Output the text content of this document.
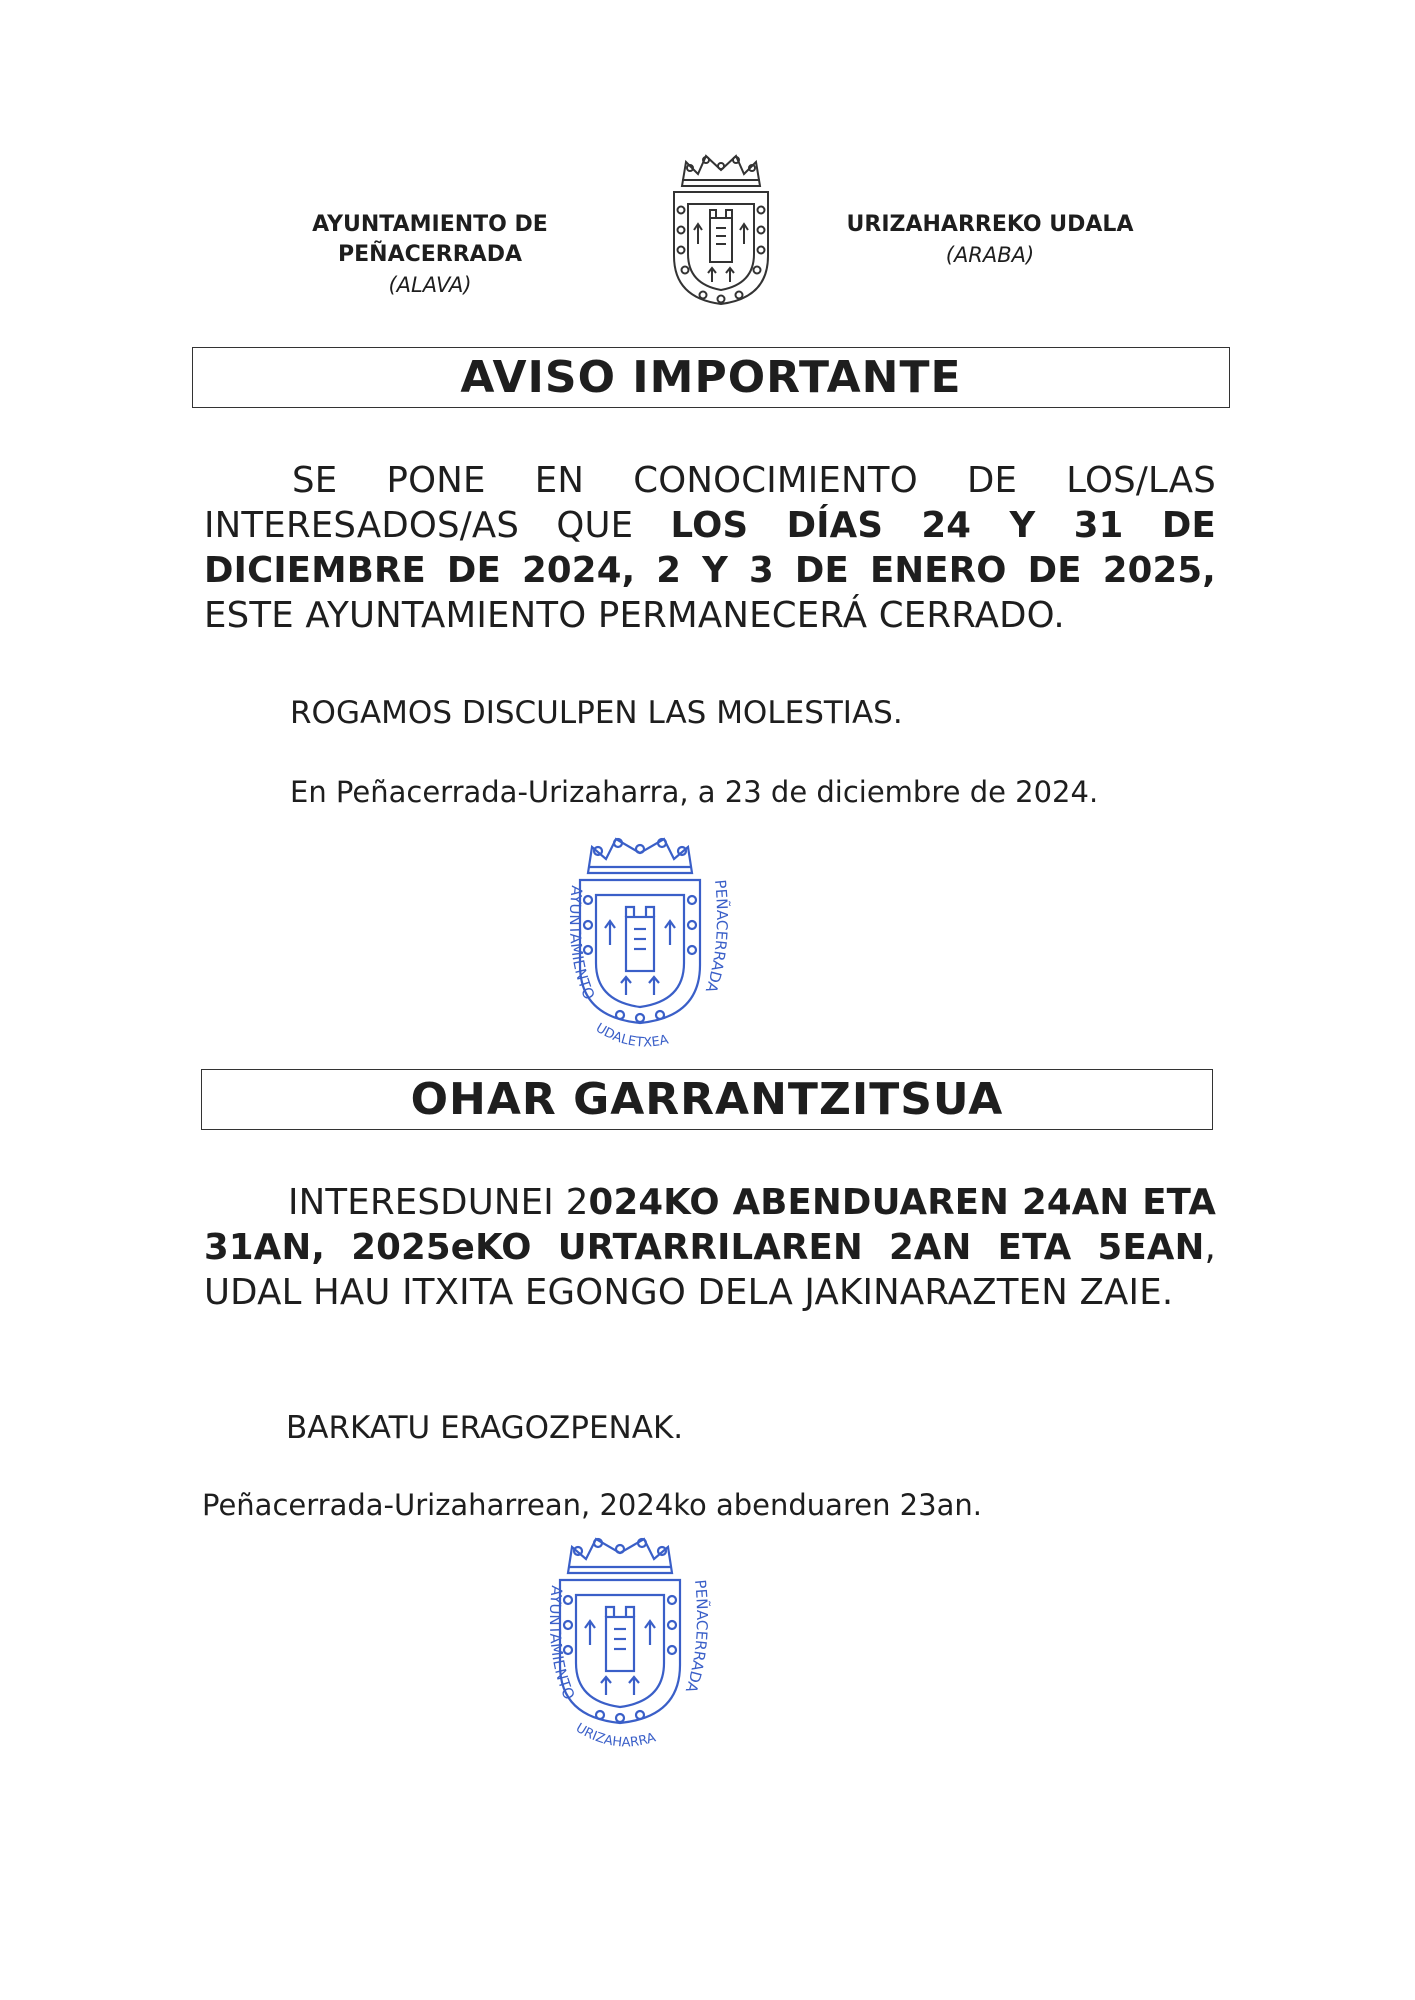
AYUNTAMIENTO DE PEÑACERRADA
(ALAVA)
URIZAHARREKO UDALA
(ARABA)
AVISO IMPORTANTE
SE PONE EN CONOCIMIENTO DE LOS/LAS INTERESADOS/AS QUE LOS DÍAS 24 Y 31 DE DICIEMBRE DE 2024, 2 Y 3 DE ENERO DE 2025, ESTE AYUNTAMIENTO PERMANECERÁ CERRADO.
ROGAMOS DISCULPEN LAS MOLESTIAS.
En Peñacerrada-Urizaharra, a 23 de diciembre de 2024.
AYUNTAMIENTO
PEÑACERRADA
UDALETXEA
OHAR GARRANTZITSUA
INTERESDUNEI 2024KO ABENDUAREN 24AN ETA 31AN, 2025eKO URTARRILAREN 2AN ETA 5EAN, UDAL HAU ITXITA EGONGO DELA JAKINARAZTEN ZAIE.
BARKATU ERAGOZPENAK.
Peñacerrada-Urizaharrean, 2024ko abenduaren 23an.
AYUNTAMIENTO
PEÑACERRADA
URIZAHARRA
